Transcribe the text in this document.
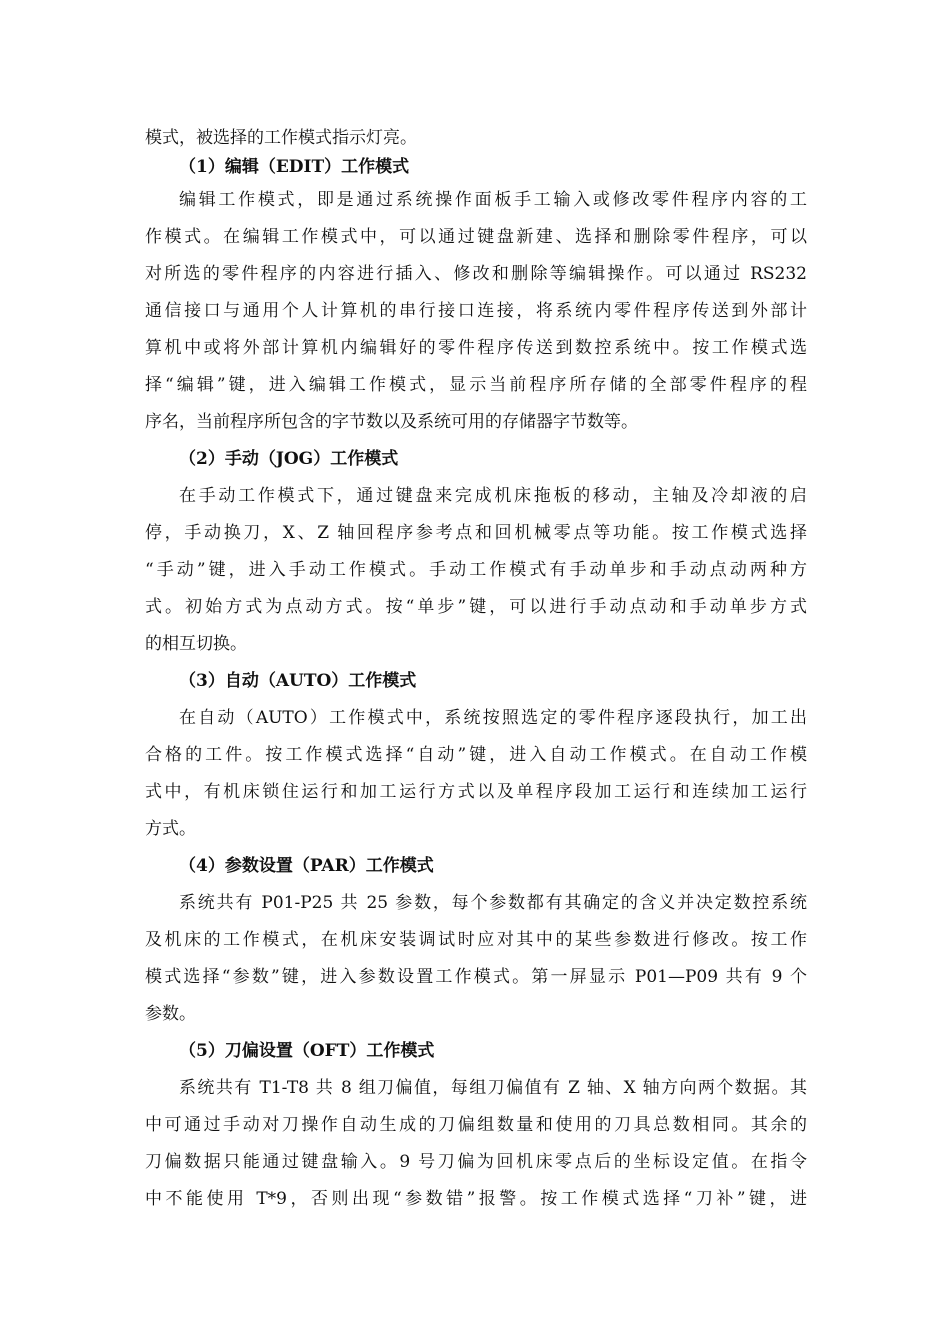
模式，被选择的工作模式指示灯亮。
（1）编辑（EDIT）工作模式
编辑工作模式，即是通过系统操作面板手工输入或修改零件程序内容的工
作模式。在编辑工作模式中，可以通过键盘新建、选择和删除零件程序，可以
对所选的零件程序的内容进行插入、修改和删除等编辑操作。可以通过 RS232
通信接口与通用个人计算机的串行接口连接，将系统内零件程序传送到外部计
算机中或将外部计算机内编辑好的零件程序传送到数控系统中。按工作模式选
择“编辑”键，进入编辑工作模式，显示当前程序所存储的全部零件程序的程
序名，当前程序所包含的字节数以及系统可用的存储器字节数等。
（2）手动（JOG）工作模式
在手动工作模式下，通过键盘来完成机床拖板的移动，主轴及冷却液的启
停，手动换刀，X、Z 轴回程序参考点和回机械零点等功能。按工作模式选择
“手动”键，进入手动工作模式。手动工作模式有手动单步和手动点动两种方
式。初始方式为点动方式。按“单步”键，可以进行手动点动和手动单步方式
的相互切换。
（3）自动（AUTO）工作模式
在自动（AUTO）工作模式中，系统按照选定的零件程序逐段执行，加工出
合格的工件。按工作模式选择“自动”键，进入自动工作模式。在自动工作模
式中，有机床锁住运行和加工运行方式以及单程序段加工运行和连续加工运行
方式。
（4）参数设置（PAR）工作模式
系统共有 P01-P25 共 25 参数，每个参数都有其确定的含义并决定数控系统
及机床的工作模式，在机床安装调试时应对其中的某些参数进行修改。按工作
模式选择“参数”键，进入参数设置工作模式。第一屏显示 P01—P09 共有 9 个
参数。
（5）刀偏设置（OFT）工作模式
系统共有 T1-T8 共 8 组刀偏值，每组刀偏值有 Z 轴、X 轴方向两个数据。其
中可通过手动对刀操作自动生成的刀偏组数量和使用的刀具总数相同。其余的
刀偏数据只能通过键盘输入。9 号刀偏为回机床零点后的坐标设定值。在指令
中不能使用 T*9，否则出现“参数错”报警。按工作模式选择“刀补”键，进
